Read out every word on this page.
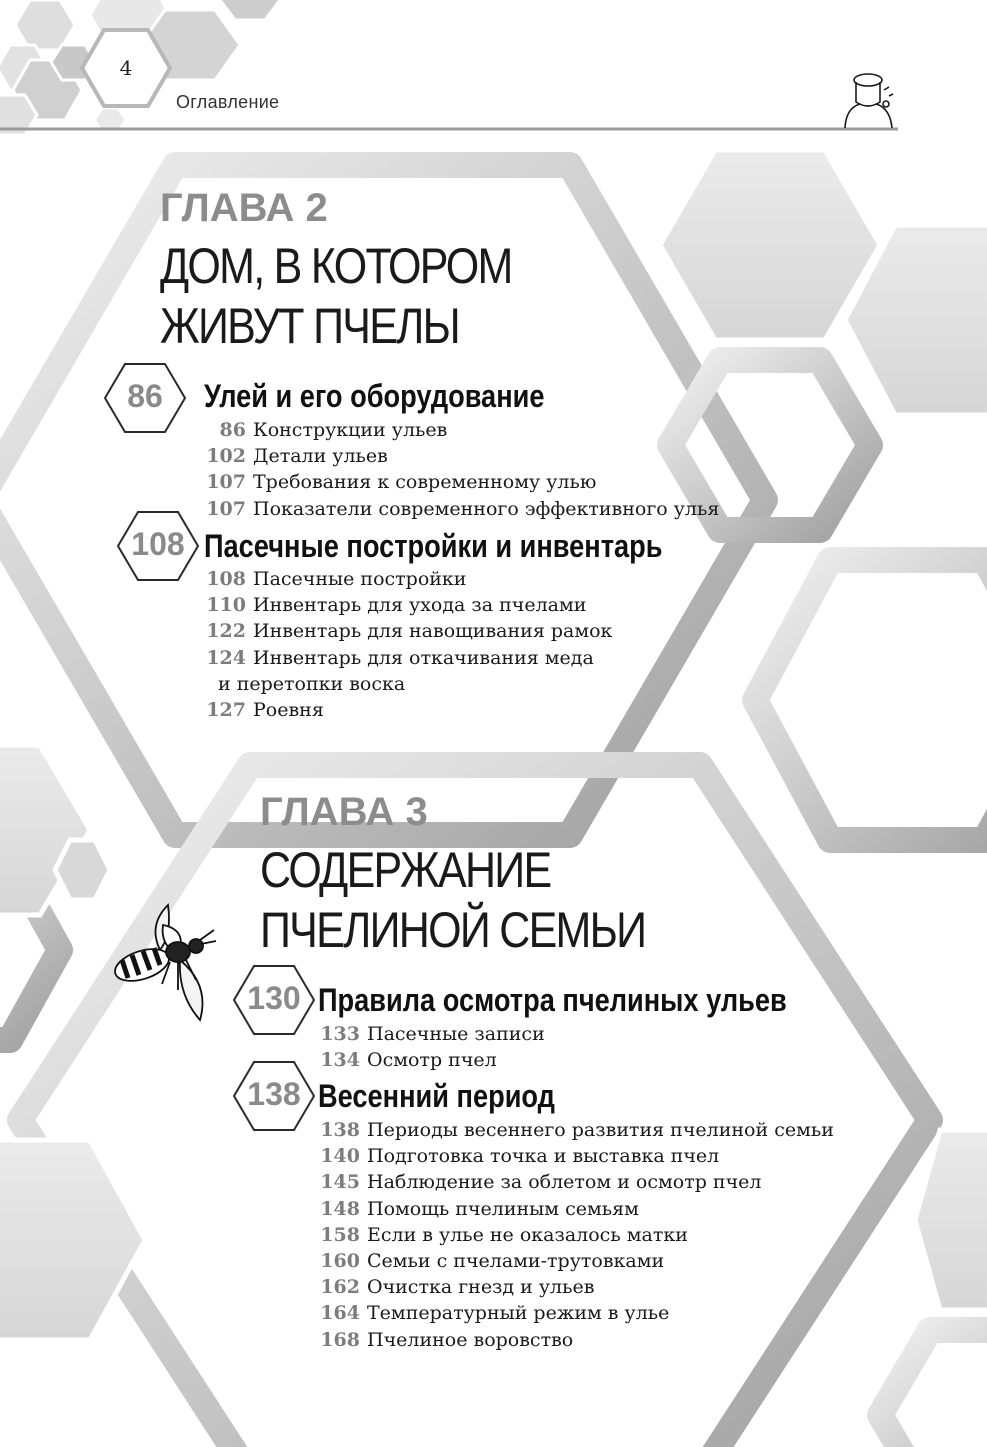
4
Оглавление
ГЛАВА 2
ДОМ, В КОТОРОМ
ЖИВУТ ПЧЕЛЫ
86	Улей и его оборудование
86 Конструкции ульев
102 Детали ульев
107 Требования к современному улью
107 Показатели современного эффективного улья
108 Пасечные постройки и инвентарь
108 Пасечные постройки
110 Инвентарь для ухода за пчелами
122 Инвентарь для навощивания рамок
124 Инвентарь для откачивания меда
и перетопки воска
127 Роевня
ГЛАВА 3
СОДЕРЖАНИЕ
ПЧЕЛИНОЙ СЕМЬИ
130 Правила осмотра пчелиных ульев
133 Пасечные записи
134 Осмотр пчел
138 Весенний период
138 Периоды весеннего развития пчелиной семьи
140 Подготовка точка и выставка пчел
145 Наблюдение за облетом и осмотр пчел
148 Помощь пчелиным семьям
158 Если в улье не оказалось матки
160 Семьи с пчелами-трутовками
162 Очистка гнезд и ульев
164 Температурный режим в улье
168 Пчелиное воровство
